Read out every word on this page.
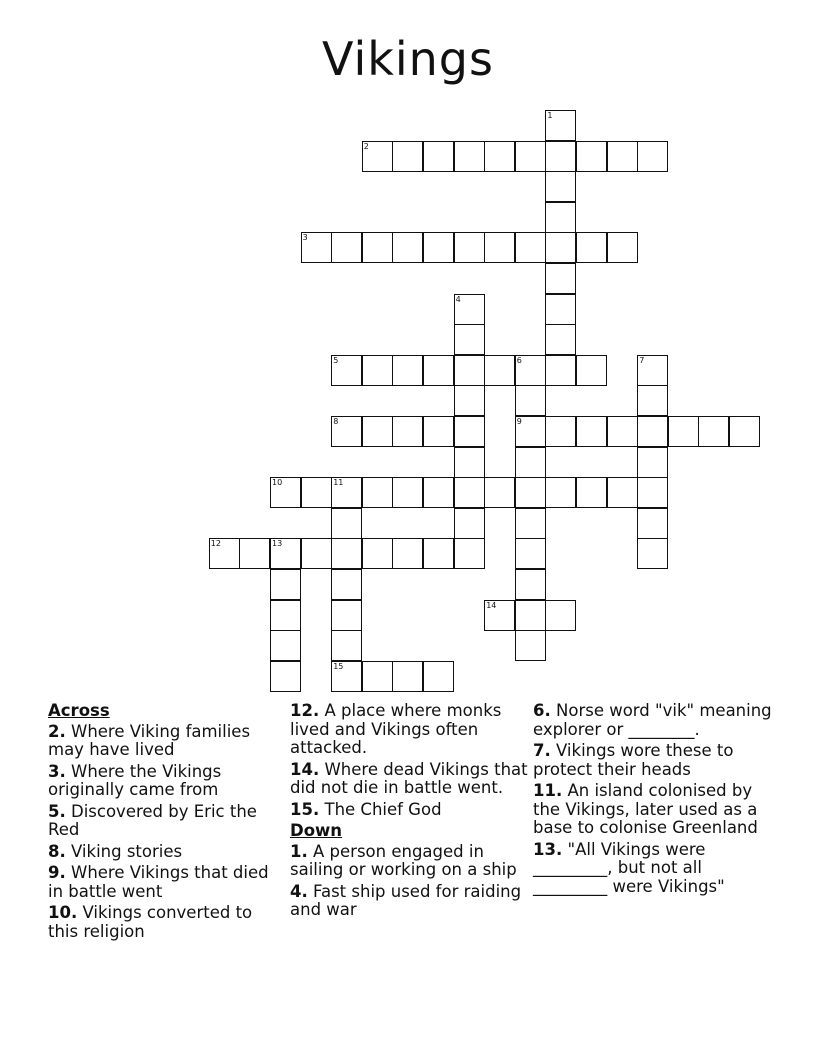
Vikings
2
3
5	6
8	9
10	11
12	13
14
15
1
4
7
Across
2. Where Viking families may have lived
3. Where the Vikings originally came from
5. Discovered by Eric the Red
8. Viking stories
9. Where Vikings that died in battle went
10. Vikings converted to this religion
12. A place where monks lived and Vikings often attacked.
14. Where dead Vikings that did not die in battle went.
15. The Chief God
Down
1. A person engaged in sailing or working on a ship
4. Fast ship used for raiding and war
6. Norse word "vik" meaning explorer or ________.
7. Vikings wore these to protect their heads
11. An island colonised by the Vikings, later used as a base to colonise Greenland
13. "All Vikings were _________, but not all _________ were Vikings"
